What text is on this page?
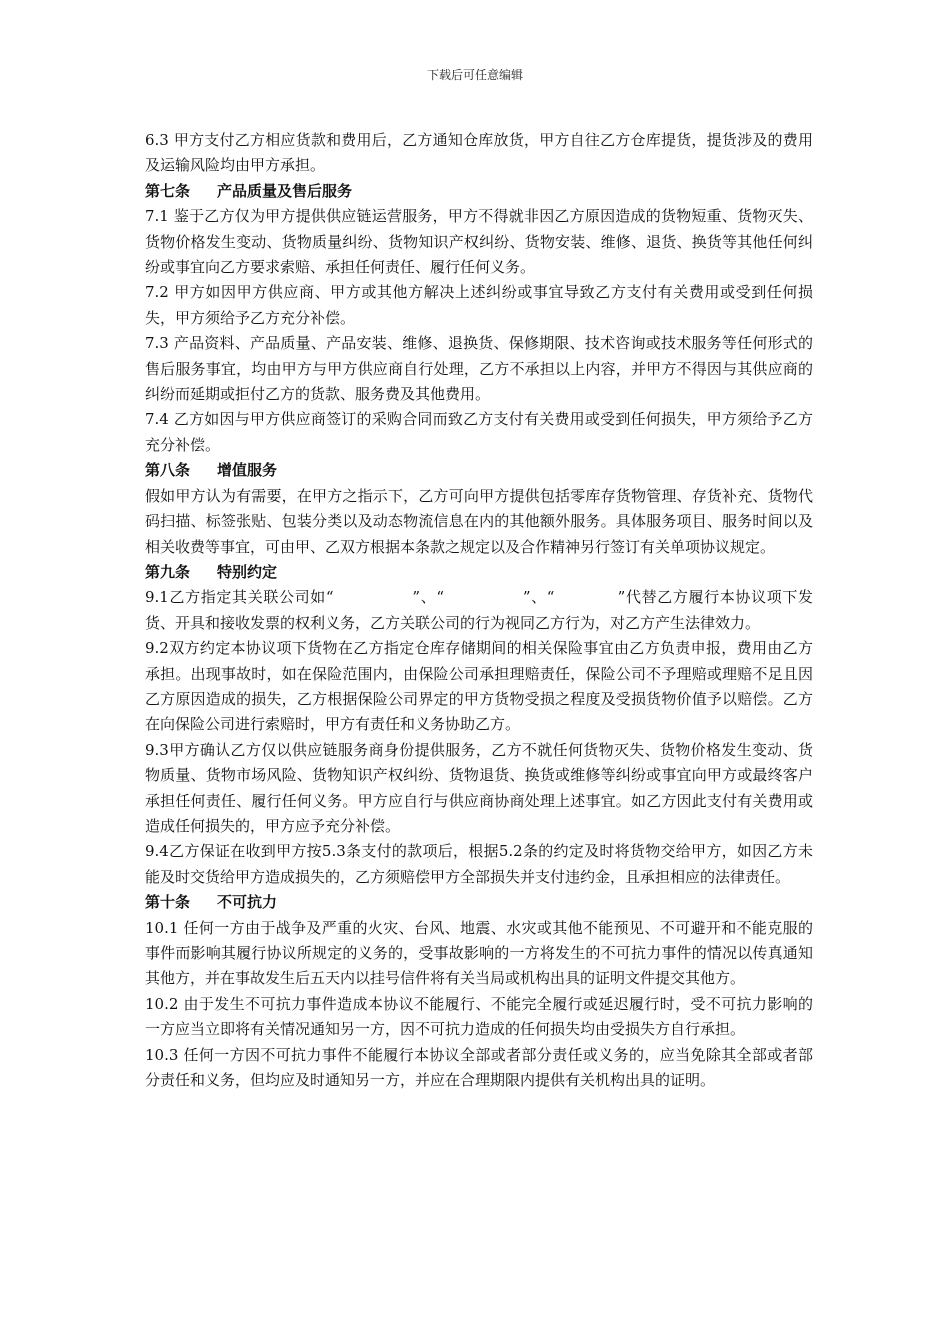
下载后可任意编辑

6.3 甲方支付乙方相应货款和费用后，乙方通知仓库放货，甲方自往乙方仓库提货，提货涉及的费用及运输风险均由甲方承担。

第七条 产品质量及售后服务

7.1 鉴于乙方仅为甲方提供供应链运营服务，甲方不得就非因乙方原因造成的货物短重、货物灭失、货物价格发生变动、货物质量纠纷、货物知识产权纠纷、货物安装、维修、退货、换货等其他任何纠纷或事宜向乙方要求索赔、承担任何责任、履行任何义务。

7.2 甲方如因甲方供应商、甲方或其他方解决上述纠纷或事宜导致乙方支付有关费用或受到任何损失，甲方须给予乙方充分补偿。

7.3 产品资料、产品质量、产品安装、维修、退换货、保修期限、技术咨询或技术服务等任何形式的售后服务事宜，均由甲方与甲方供应商自行处理，乙方不承担以上内容，并甲方不得因与其供应商的纠纷而延期或拒付乙方的货款、服务费及其他费用。

7.4 乙方如因与甲方供应商签订的采购合同而致乙方支付有关费用或受到任何损失，甲方须给予乙方充分补偿。

第八条 增值服务

假如甲方认为有需要，在甲方之指示下，乙方可向甲方提供包括零库存货物管理、存货补充、货物代码扫描、标签张贴、包装分类以及动态物流信息在内的其他额外服务。具体服务项目、服务时间以及相关收费等事宜，可由甲、乙双方根据本条款之规定以及合作精神另行签订有关单项协议规定。

第九条 特别约定

9.1乙方指定其关联公司如“　　　　　”、“　　　　　”、“　　　　”代替乙方履行本协议项下发货、开具和接收发票的权利义务，乙方关联公司的行为视同乙方行为，对乙方产生法律效力。

9.2双方约定本协议项下货物在乙方指定仓库存储期间的相关保险事宜由乙方负责申报，费用由乙方承担。出现事故时，如在保险范围内，由保险公司承担理赔责任，保险公司不予理赔或理赔不足且因乙方原因造成的损失，乙方根据保险公司界定的甲方货物受损之程度及受损货物价值予以赔偿。乙方在向保险公司进行索赔时，甲方有责任和义务协助乙方。

9.3甲方确认乙方仅以供应链服务商身份提供服务，乙方不就任何货物灭失、货物价格发生变动、货物质量、货物市场风险、货物知识产权纠纷、货物退货、换货或维修等纠纷或事宜向甲方或最终客户承担任何责任、履行任何义务。甲方应自行与供应商协商处理上述事宜。如乙方因此支付有关费用或造成任何损失的，甲方应予充分补偿。

9.4乙方保证在收到甲方按5.3条支付的款项后，根据5.2条的约定及时将货物交给甲方，如因乙方未能及时交货给甲方造成损失的，乙方须赔偿甲方全部损失并支付违约金，且承担相应的法律责任。

第十条 不可抗力

10.1 任何一方由于战争及严重的火灾、台风、地震、水灾或其他不能预见、不可避开和不能克服的事件而影响其履行协议所规定的义务的，受事故影响的一方将发生的不可抗力事件的情况以传真通知其他方，并在事故发生后五天内以挂号信件将有关当局或机构出具的证明文件提交其他方。

10.2 由于发生不可抗力事件造成本协议不能履行、不能完全履行或延迟履行时，受不可抗力影响的一方应当立即将有关情况通知另一方，因不可抗力造成的任何损失均由受损失方自行承担。

10.3 任何一方因不可抗力事件不能履行本协议全部或者部分责任或义务的，应当免除其全部或者部分责任和义务，但均应及时通知另一方，并应在合理期限内提供有关机构出具的证明。
